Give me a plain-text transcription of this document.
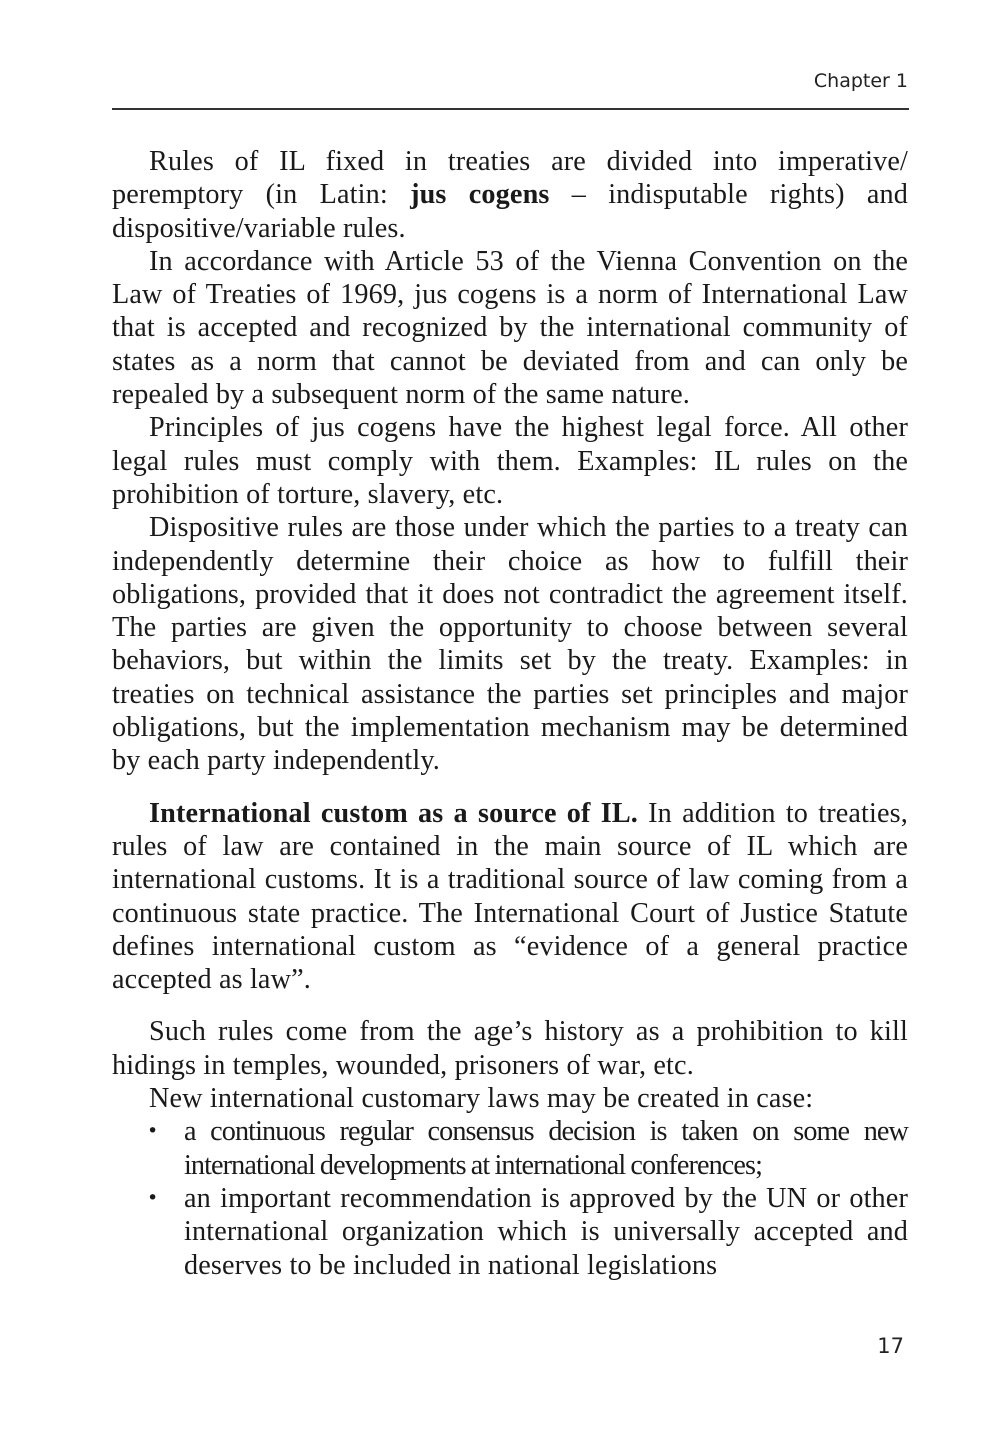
Chapter 1

Rules of IL fixed in treaties are divided into imperative/ peremptory (in Latin: jus cogens – indisputable rights) and dispositive/variable rules.

In accordance with Article 53 of the Vienna Convention on the Law of Treaties of 1969, jus cogens is a norm of International Law that is accepted and recognized by the international community of states as a norm that cannot be deviated from and can only be repealed by a subsequent norm of the same nature.

Principles of jus cogens have the highest legal force. All other legal rules must comply with them. Examples: IL rules on the prohibition of torture, slavery, etc.

Dispositive rules are those under which the parties to a treaty can independently determine their choice as how to fulfill their obligations, provided that it does not contradict the agreement itself. The parties are given the opportunity to choose between several behaviors, but within the limits set by the treaty. Examples: in treaties on technical assistance the parties set principles and major obligations, but the implementation mechanism may be determined by each party independently.

International custom as a source of IL. In addition to treaties, rules of law are contained in the main source of IL which are international customs. It is a traditional source of law coming from a continuous state practice. The International Court of Justice Statute defines international custom as “evidence of a general practice accepted as law”.

Such rules come from the age’s history as a prohibition to kill hidings in temples, wounded, prisoners of war, etc.

New international customary laws may be created in case:

• a continuous regular consensus decision is taken on some new international developments at international conferences;
• an important recommendation is approved by the UN or other international organization which is universally accepted and deserves to be included in national legislations
17
